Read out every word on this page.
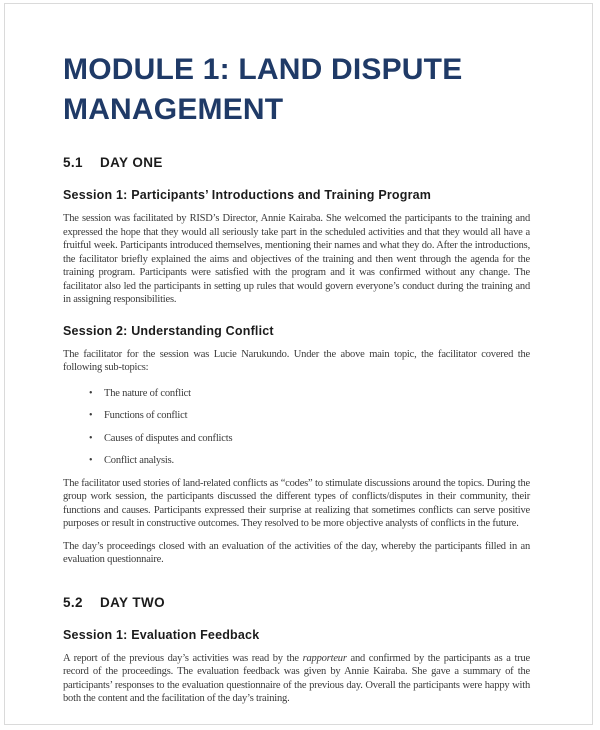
MODULE 1: LAND DISPUTE MANAGEMENT
5.1 DAY ONE
Session 1: Participants’ Introductions and Training Program

The session was facilitated by RISD’s Director, Annie Kairaba. She welcomed the participants to the training and expressed the hope that they would all seriously take part in the scheduled activities and that they would all have a fruitful week. Participants introduced themselves, mentioning their names and what they do. After the introductions, the facilitator briefly explained the aims and objectives of the training and then went through the agenda for the training program. Participants were satisfied with the program and it was confirmed without any change. The facilitator also led the participants in setting up rules that would govern everyone’s conduct during the training and in assigning responsibilities.

Session 2: Understanding Conflict

The facilitator for the session was Lucie Narukundo. Under the above main topic, the facilitator covered the following sub-topics:

• The nature of conflict
• Functions of conflict
• Causes of disputes and conflicts
• Conflict analysis.

The facilitator used stories of land-related conflicts as “codes” to stimulate discussions around the topics. During the group work session, the participants discussed the different types of conflicts/disputes in their community, their functions and causes. Participants expressed their surprise at realizing that sometimes conflicts can serve positive purposes or result in constructive outcomes. They resolved to be more objective analysts of conflicts in the future.

The day’s proceedings closed with an evaluation of the activities of the day, whereby the participants filled in an evaluation questionnaire.

5.2 DAY TWO
Session 1: Evaluation Feedback

A report of the previous day’s activities was read by the rapporteur and confirmed by the participants as a true record of the proceedings. The evaluation feedback was given by Annie Kairaba. She gave a summary of the participants’ responses to the evaluation questionnaire of the previous day. Overall the participants were happy with both the content and the facilitation of the day’s training.
